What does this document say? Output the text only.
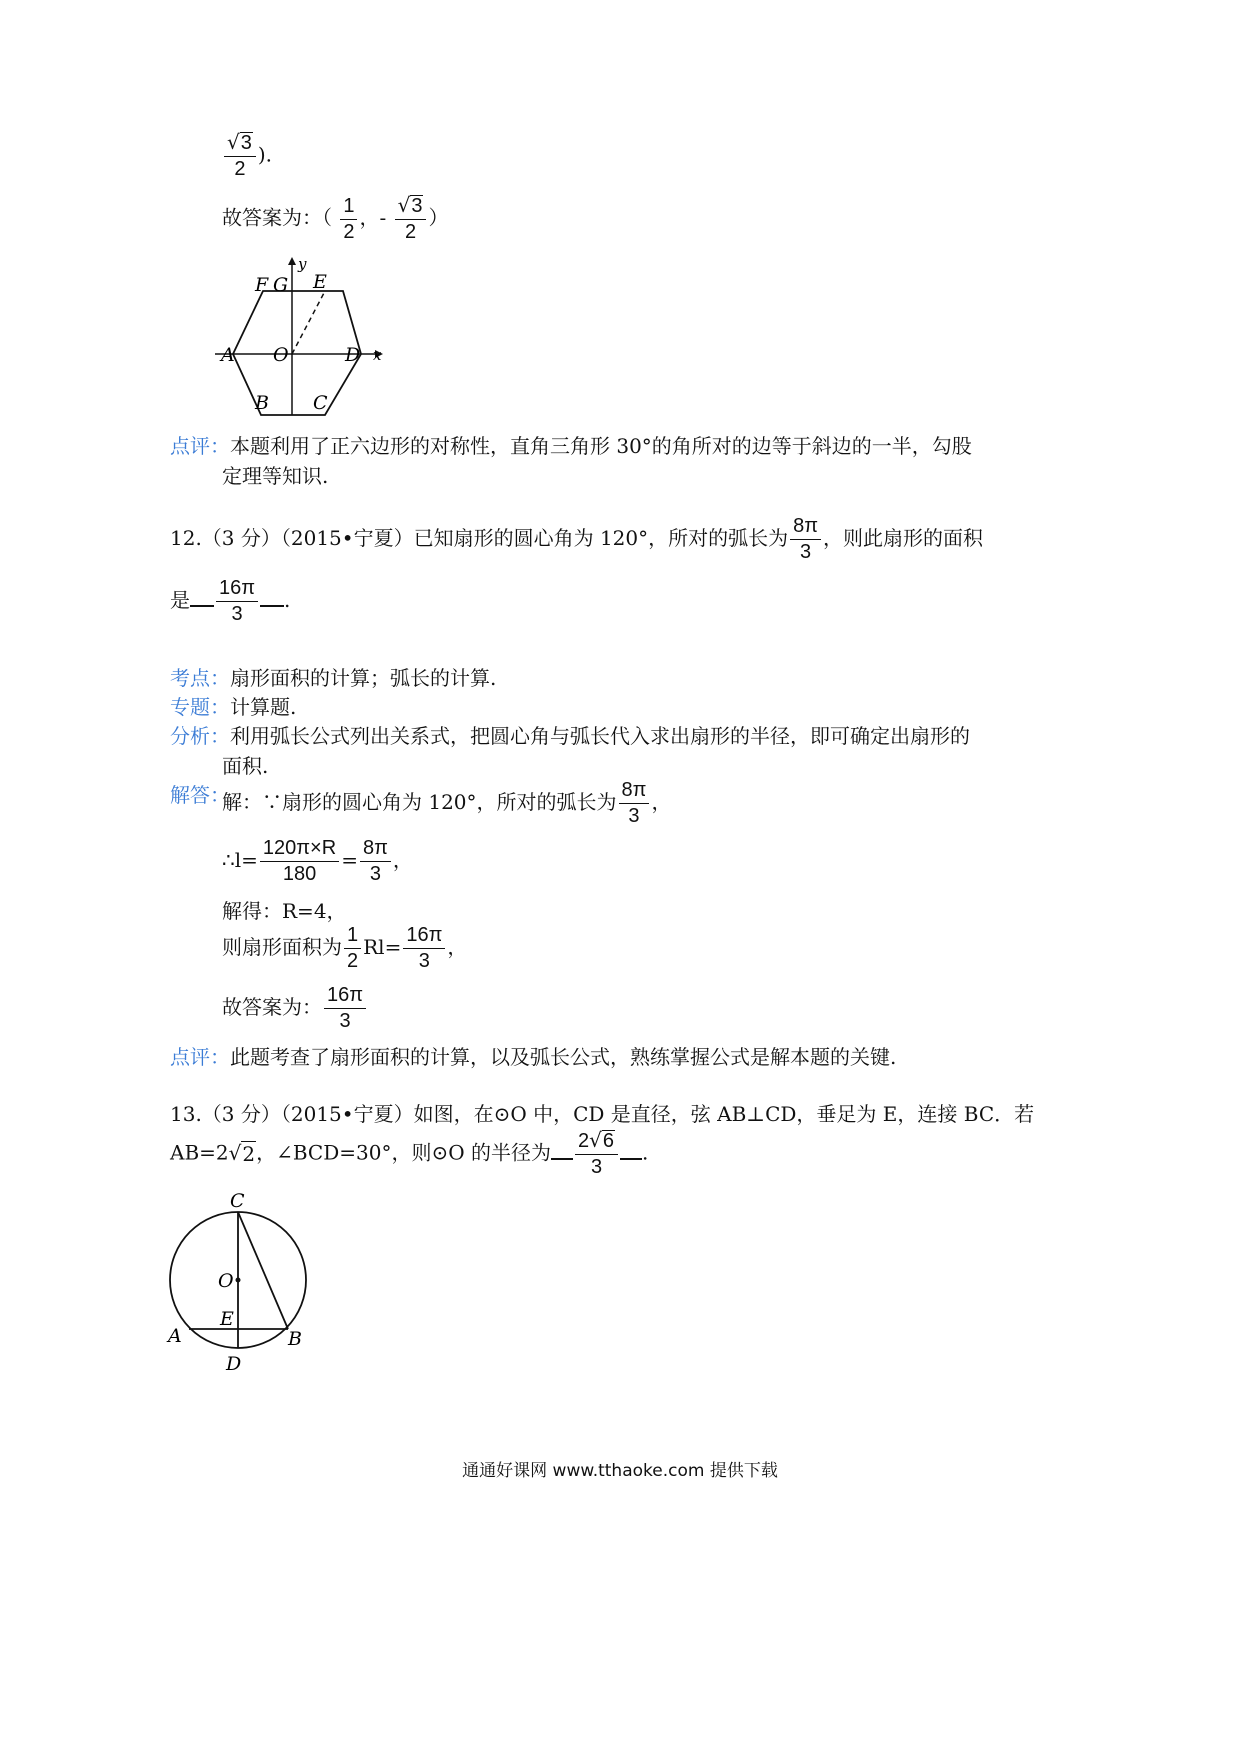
$\frac{√ 3}{2}$ ).
故答案为：（ $\frac{1}{2}$ ，- $\frac{√ 3}{2}$ ）
F G E
y
A O	D x
B C
点评：本题利用了正六边形的对称性，直角三角形 30°的角所对的边等于斜边的一半，勾股
定理等知识.
12.（3 分）（2015•宁夏）已知扇形的圆心角为 120°，所对的弧长为 $\frac{8\pi}{3}$ ，则此扇形的面积
是 $\frac{16\pi}{3}$ .
考点：扇形面积的计算；弧长的计算.
专题：计算题.
分析：利用弧长公式列出关系式，把圆心角与弧长代入求出扇形的半径，即可确定出扇形的
面积.
解答：
解：∵扇形的圆心角为 120°，所对的弧长为 $\frac{8\pi}{3}$ ，
∴l= $\frac{120\pi\times R}{180} = \frac{8\pi}{3}$ ，
解得：R=4，
则扇形面积为 $\frac{1}{2} Rl= \frac{16\pi}{3}$ ，
故答案为： $\frac{16\pi}{3}$
点评：此题考查了扇形面积的计算，以及弧长公式，熟练掌握公式是解本题的关键.
13.（3 分）（2015•宁夏）如图，在⊙O 中，CD 是直径，弦 AB⊥CD，垂足为 E，连接 BC．若
AB=2 √ 2 ，∠BCD=30°，则⊙O 的半径为 $\frac{2 √ 6}{3}$ .
C
O
E
A	B
D
通通好课网 www.tthaoke.com 提供下载
